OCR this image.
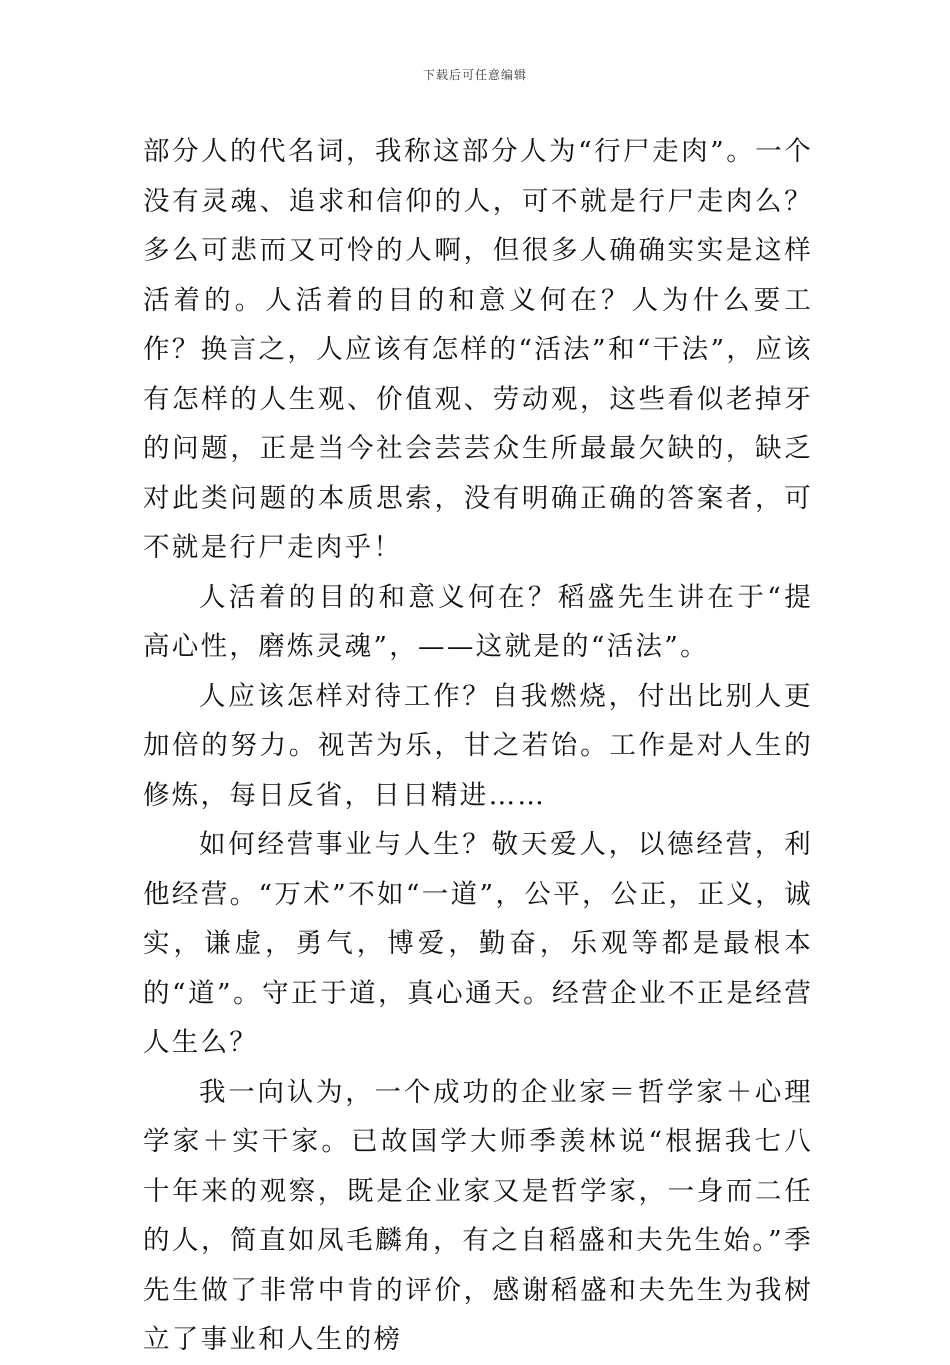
下载后可任意编辑

部分人的代名词，我称这部分人为“行尸走肉”。一个没有灵魂、追求和信仰的人，可不就是行尸走肉么？多么可悲而又可怜的人啊，但很多人确确实实是这样活着的。人活着的目的和意义何在？人为什么要工作？换言之，人应该有怎样的“活法”和“干法”，应该有怎样的人生观、价值观、劳动观，这些看似老掉牙的问题，正是当今社会芸芸众生所最最欠缺的，缺乏对此类问题的本质思索，没有明确正确的答案者，可不就是行尸走肉乎！

人活着的目的和意义何在？稻盛先生讲在于“提高心性，磨炼灵魂”，——这就是的“活法”。

人应该怎样对待工作？自我燃烧，付出比别人更加倍的努力。视苦为乐，甘之若饴。工作是对人生的修炼，每日反省，日日精进……

如何经营事业与人生？敬天爱人，以德经营，利他经营。“万术”不如“一道”，公平，公正，正义，诚实，谦虚，勇气，博爱，勤奋，乐观等都是最根本的“道”。守正于道，真心通天。经营企业不正是经营人生么？

我一向认为，一个成功的企业家＝哲学家＋心理学家＋实干家。已故国学大师季羡林说“根据我七八十年来的观察，既是企业家又是哲学家，一身而二任的人，简直如凤毛麟角，有之自稻盛和夫先生始。”季先生做了非常中肯的评价，感谢稻盛和夫先生为我树立了事业和人生的榜
